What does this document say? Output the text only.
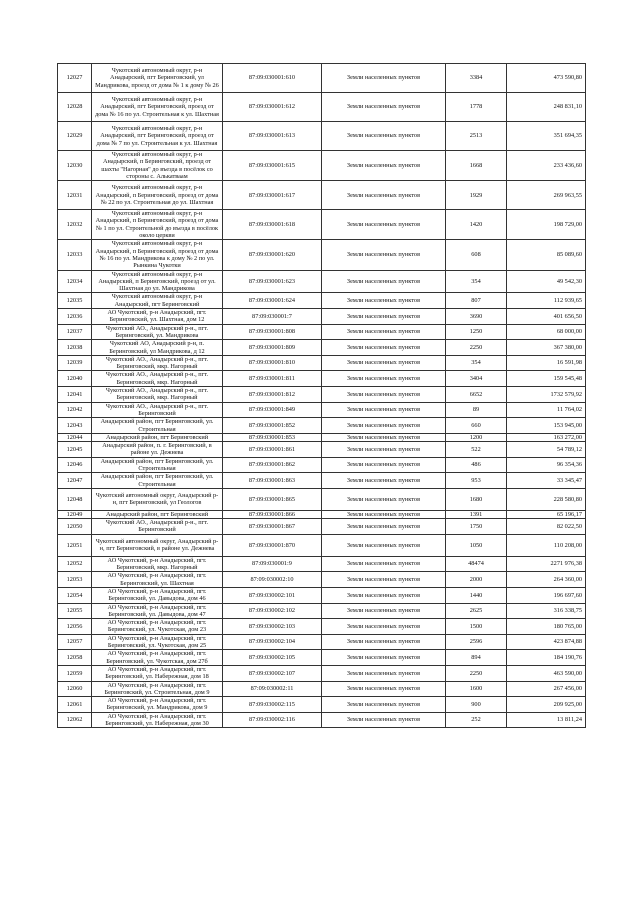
12027	Чукотский автономный округ, р-н Анадырский, пгт Беринговский, ул Мандрикова, проезд от дома № 1 к дому № 26	87:09:030001:610	Земли населенных пунктов	3384	473 590,80
12028	Чукотский автономный округ, р-н Анадырский, пгт Беринговский, проезд от дома № 16 по ул. Строительная к ул. Шахтная	87:09:030001:612	Земли населенных пунктов	1778	248 831,10
12029	Чукотский автономный округ, р-н Анадырский, пгт Беринговский, проезд от дома № 7 по ул. Строительная к ул. Шахтная	87:09:030001:613	Земли населенных пунктов	2513	351 694,35
12030	Чукотский автономный округ, р-н Анадырский, п Беринговский, проезд от шахты "Нагорная" до въезда в посёлок со стороны с. Алькатваам	87:09:030001:615	Земли населенных пунктов	1668	233 436,60
12031	Чукотский автономный округ, р-н Анадырский, п Беринговский, проезд от дома № 22 по ул. Строительная до ул. Шахтная	87:09:030001:617	Земли населенных пунктов	1929	269 963,55
12032	Чукотский автономный округ, р-н Анадырский, п Беринговский, проезд от дома № 1 по ул. Строительной до въезда в посёлок около церкви	87:09:030001:618	Земли населенных пунктов	1420	198 729,00
12033	Чукотский автономный округ, р-н Анадырский, п Беринговский, проезд от дома № 16 по ул. Мандрикова к дому № 2 по ул. Рынкина Чукотки	87:09:030001:620	Земли населенных пунктов	608	85 089,60
12034	Чукотский автономный округ, р-н Анадырский, п Беринговский, проезд от ул. Шахтная до ул. Мандрикова	87:09:030001:623	Земли населенных пунктов	354	49 542,30
12035	Чукотский автономный округ, р-н Анадырский, пгт Беринговский	87:09:030001:624	Земли населенных пунктов	807	112 939,65
12036	АО Чукотский, р-н Анадырский, пгт. Беринговский, ул. Шахтная, дом 12	87:09:030001:7	Земли населенных пунктов	3690	401 656,50
12037	Чукотский АО., Анадырский р-н., пгт. Беринговский, ул. Мандрикова	87:09:030001:808	Земли населенных пунктов	1250	68 000,00
12038	Чукотский АО, Анадырский р-н, п. Беринговский, ул Мандрикова, д 12	87:09:030001:809	Земли населенных пунктов	2250	367 380,00
12039	Чукотский АО., Анадырский р-н., пгт. Беринговский, мкр. Нагорный	87:09:030001:810	Земли населенных пунктов	354	16 591,98
12040	Чукотский АО., Анадырский р-н., пгт. Беринговский, мкр. Нагорный	87:09:030001:811	Земли населенных пунктов	3404	159 545,48
12041	Чукотский АО., Анадырский р-н., пгт. Беринговский, мкр. Нагорный	87:09:030001:812	Земли населенных пунктов	6652	1732 579,92
12042	Чукотский АО., Анадырский р-н., пгт. Беринговский	87:09:030001:849	Земли населенных пунктов	89	11 764,02
12043	Анадырский район, пгт Беринговский, ул. Строительная	87:09:030001:852	Земли населенных пунктов	660	153 945,00
12044	Анадырский район, пгт Беринговский	87:09:030001:853	Земли населенных пунктов	1200	163 272,00
12045	Анадырский район, п. г. Беринговский, в районе ул. Дежнева	87:09:030001:861	Земли населенных пунктов	522	54 789,12
12046	Анадырский район, пгт Беринговский, ул. Строительная	87:09:030001:862	Земли населенных пунктов	486	96 354,36
12047	Анадырский район, пгт Беринговский, ул. Строительная	87:09:030001:863	Земли населенных пунктов	953	33 345,47
12048	Чукотский автономный округ, Анадырский р-н, пгт Беринговский, ул Геологов	87:09:030001:865	Земли населенных пунктов	1680	228 580,80
12049	Анадырский район, пгт Беринговский	87:09:030001:866	Земли населенных пунктов	1391	65 196,17
12050	Чукотский АО., Анадырский р-н., пгт. Беринговский	87:09:030001:867	Земли населенных пунктов	1750	82 022,50
12051	Чукотский автономный округ, Анадырский р-н, пгт Беринговский, в районе ул. Дежнева	87:09:030001:870	Земли населенных пунктов	1050	110 208,00
12052	АО Чукотский, р-н Анадырский, пгт. Беринговский, мкр. Нагорный	87:09:030001:9	Земли населенных пунктов	48474	2271 976,38
12053	АО Чукотский, р-н Анадырский, пгт. Беринговский, ул. Шахтная	87:09:030002:10	Земли населенных пунктов	2000	264 360,00
12054	АО Чукотский, р-н Анадырский, пгт. Беринговский, ул. Давыдова, дом 46	87:09:030002:101	Земли населенных пунктов	1440	196 697,60
12055	АО Чукотский, р-н Анадырский, пгт. Беринговский, ул. Давыдова, дом 47	87:09:030002:102	Земли населенных пунктов	2625	316 338,75
12056	АО Чукотский, р-н Анадырский, пгт. Беринговский, ул. Чукотская, дом 23	87:09:030002:103	Земли населенных пунктов	1500	180 765,00
12057	АО Чукотский, р-н Анадырский, пгт. Беринговский, ул. Чукотская, дом 25	87:09:030002:104	Земли населенных пунктов	2596	423 874,88
12058	АО Чукотский, р-н Анадырский, пгт. Беринговский, ул. Чукотская, дом 27б	87:09:030002:105	Земли населенных пунктов	894	184 190,76
12059	АО Чукотский, р-н Анадырский, пгт. Беринговский, ул. Набережная, дом 18	87:09:030002:107	Земли населенных пунктов	2250	463 590,00
12060	АО Чукотский, р-н Анадырский, пгт. Беринговский, ул. Строительная, дом 9	87:09:030002:11	Земли населенных пунктов	1600	267 456,00
12061	АО Чукотский, р-н Анадырский, пгт. Беринговский, ул. Мандрикова, дом 9	87:09:030002:115	Земли населенных пунктов	900	209 925,00
12062	АО Чукотский, р-н Анадырский, пгт. Беринговский, ул. Набережная, дом 30	87:09:030002:116	Земли населенных пунктов	252	13 811,24
